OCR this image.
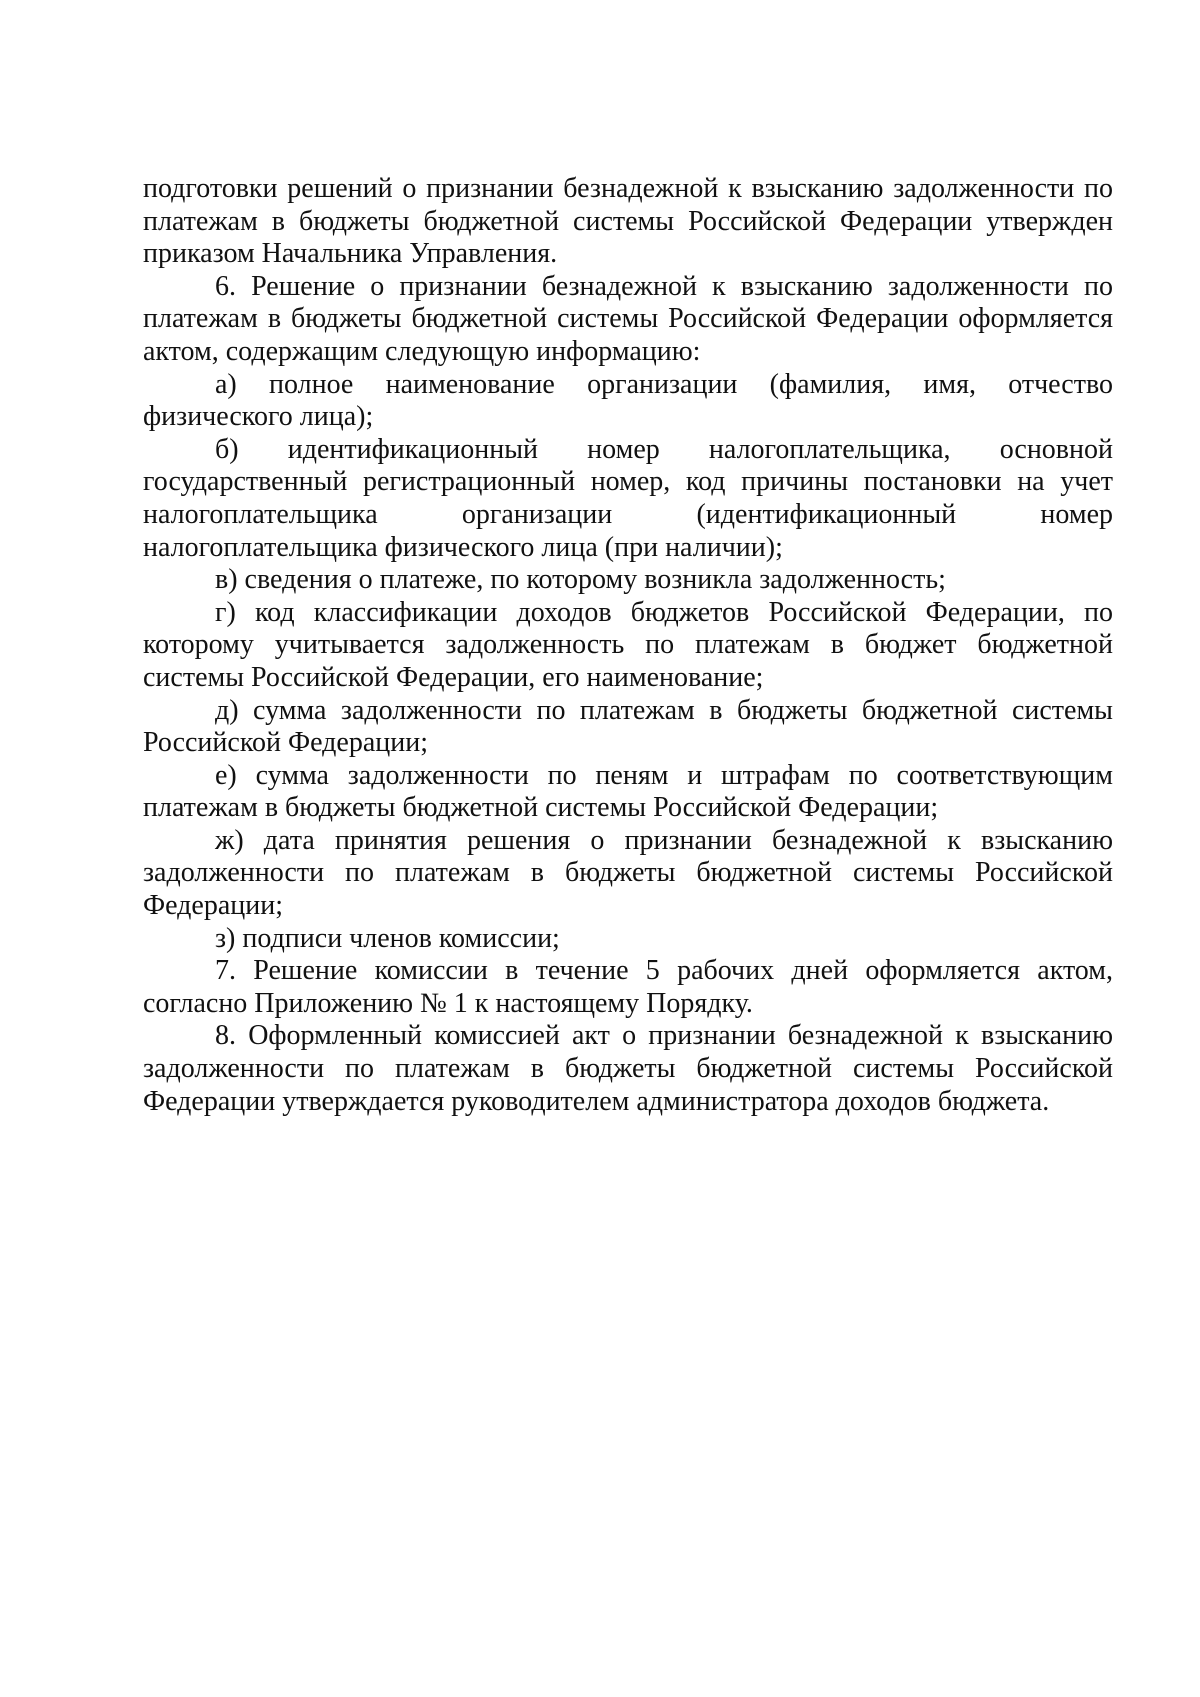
подготовки решений о признании безнадежной к взысканию задолженности по платежам в бюджеты бюджетной системы Российской Федерации утвержден приказом Начальника Управления.

6. Решение о признании безнадежной к взысканию задолженности по платежам в бюджеты бюджетной системы Российской Федерации оформляется актом, содержащим следующую информацию:

а) полное наименование организации (фамилия, имя, отчество физического лица);

б) идентификационный номер налогоплательщика, основной государственный регистрационный номер, код причины постановки на учет налогоплательщика организации (идентификационный номер налогоплательщика физического лица (при наличии);

в) сведения о платеже, по которому возникла задолженность;

г) код классификации доходов бюджетов Российской Федерации, по которому учитывается задолженность по платежам в бюджет бюджетной системы Российской Федерации, его наименование;

д) сумма задолженности по платежам в бюджеты бюджетной системы Российской Федерации;

е) сумма задолженности по пеням и штрафам по соответствующим платежам в бюджеты бюджетной системы Российской Федерации;

ж) дата принятия решения о признании безнадежной к взысканию задолженности по платежам в бюджеты бюджетной системы Российской Федерации;

з) подписи членов комиссии;

7. Решение комиссии в течение 5 рабочих дней оформляется актом, согласно Приложению № 1 к настоящему Порядку.

8. Оформленный комиссией акт о признании безнадежной к взысканию задолженности по платежам в бюджеты бюджетной системы Российской Федерации утверждается руководителем администратора доходов бюджета.
